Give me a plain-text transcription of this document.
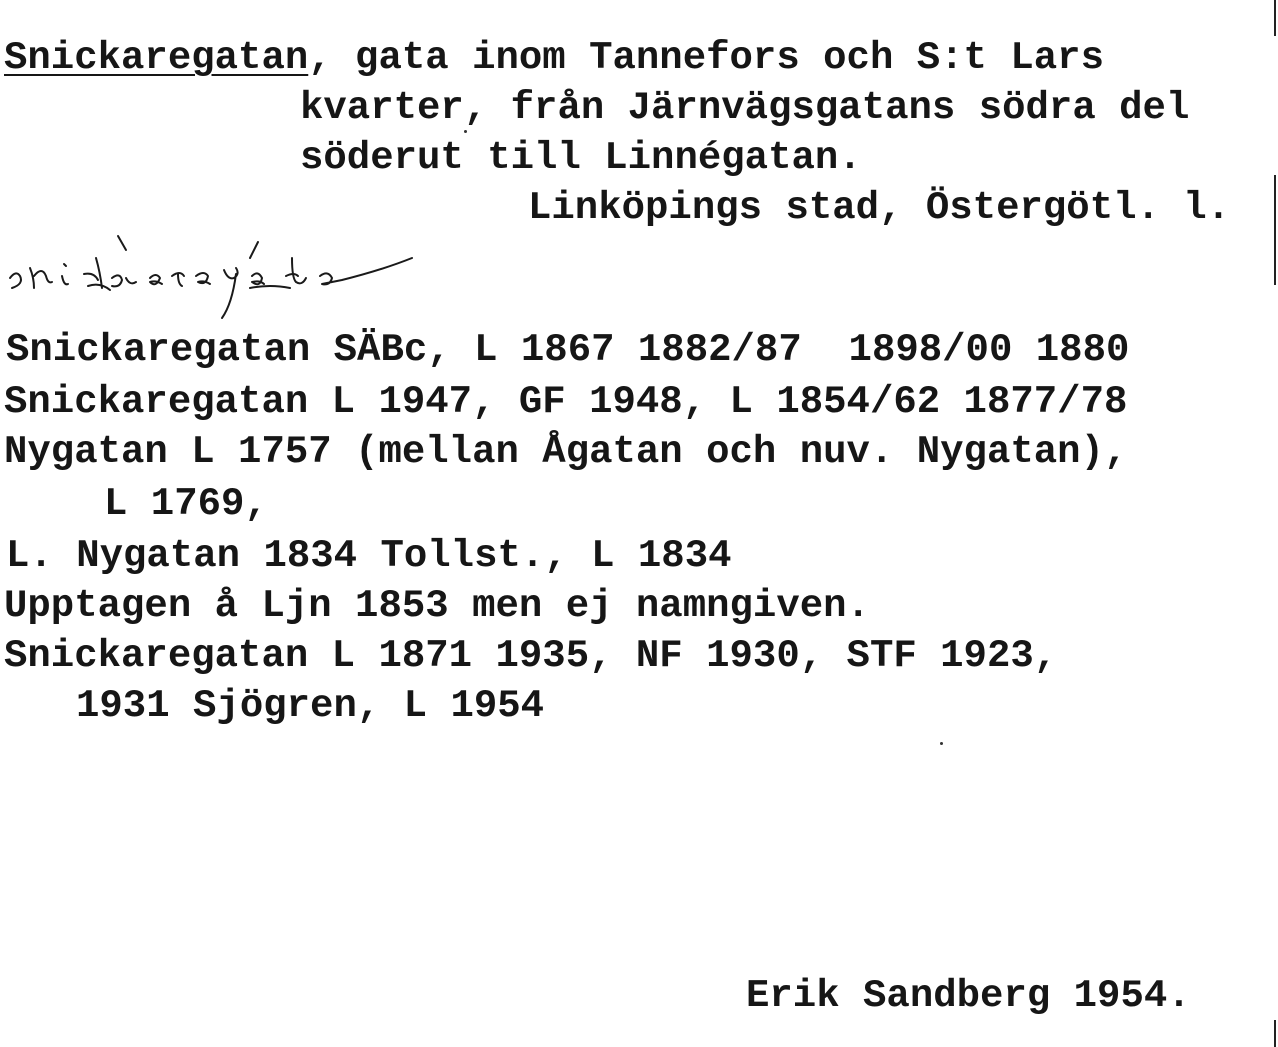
Snickaregatan, gata inom Tannefors och S:t Lars
kvarter, från Järnvägsgatans södra del
söderut till Linnégatan.
Linköpings stad, Östergötl. l.
Snickaregatan SÄBc, L 1867 1882/87  1898/00 1880
Snickaregatan L 1947, GF 1948, L 1854/62 1877/78
Nygatan L 1757 (mellan Ågatan och nuv. Nygatan),
L 1769,
L. Nygatan 1834 Tollst., L 1834
Upptagen å Ljn 1853 men ej namngiven.
Snickaregatan L 1871 1935, NF 1930, STF 1923,
1931 Sjögren, L 1954
Erik Sandberg 1954.
